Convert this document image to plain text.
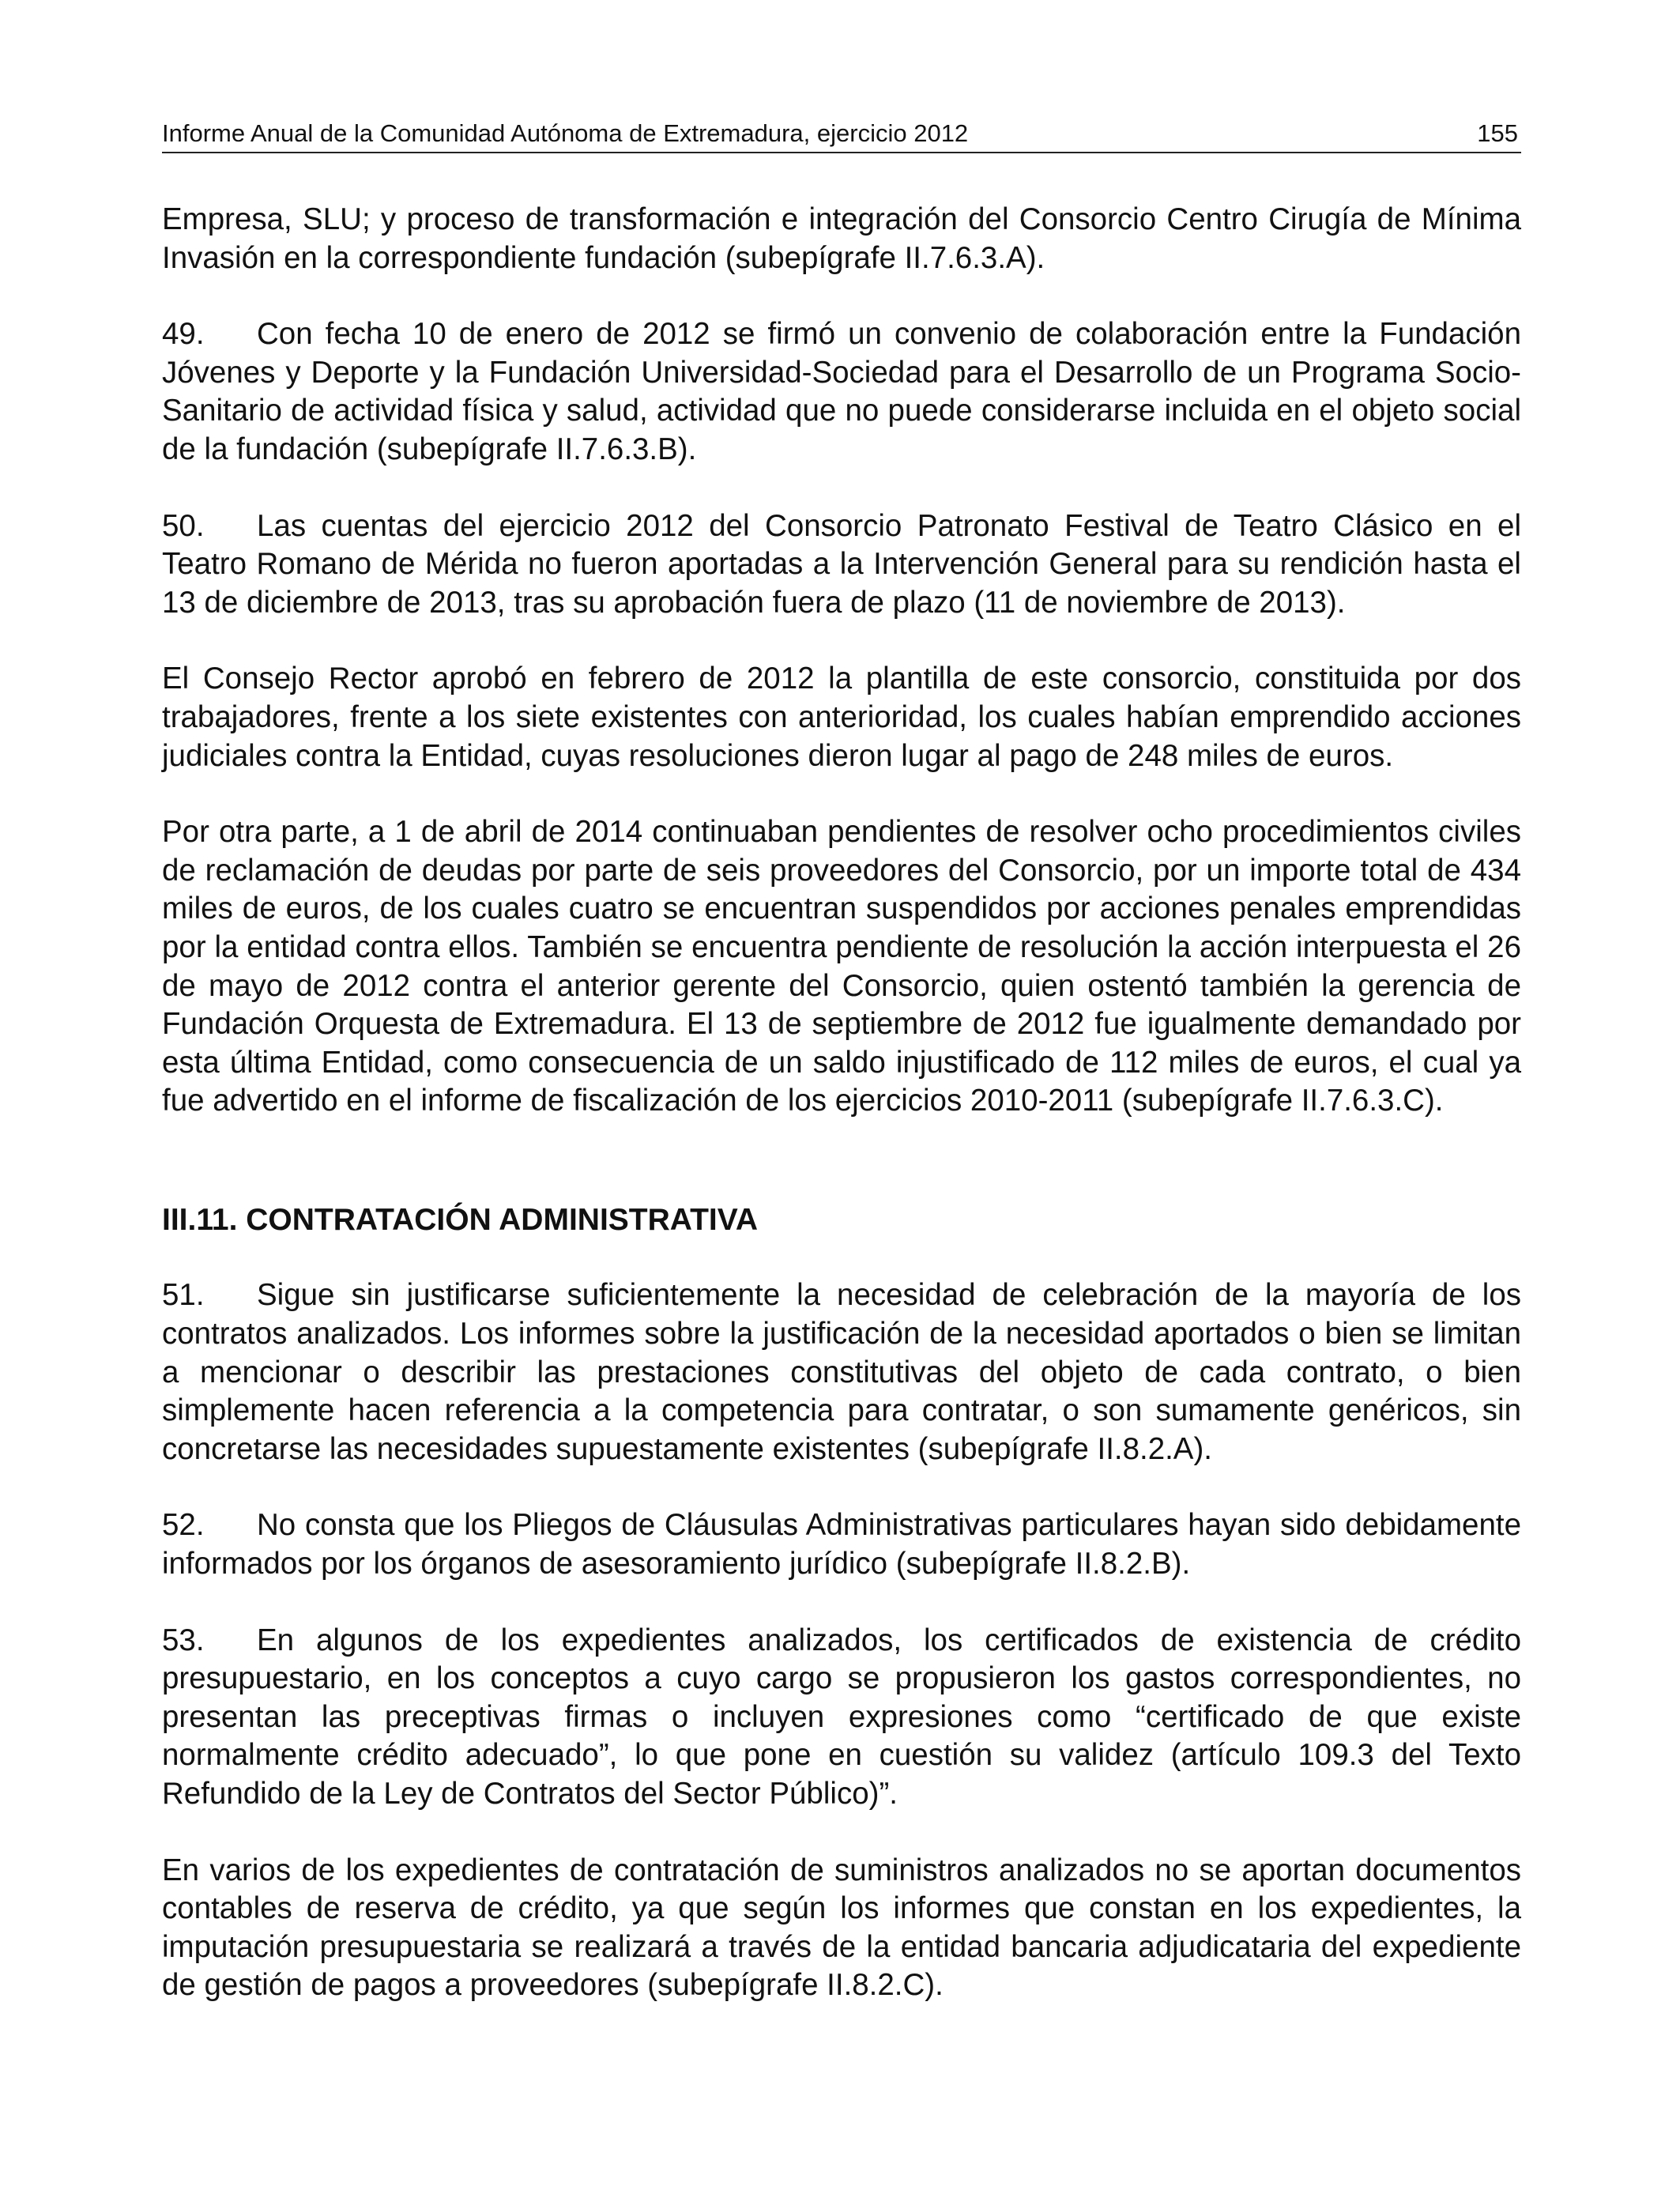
Informe Anual de la Comunidad Autónoma de Extremadura, ejercicio 2012	155

Empresa, SLU; y proceso de transformación e integración del Consorcio Centro Cirugía de Mínima Invasión en la correspondiente fundación (subepígrafe II.7.6.3.A).

49. Con fecha 10 de enero de 2012 se firmó un convenio de colaboración entre la Fundación Jóvenes y Deporte y la Fundación Universidad-Sociedad para el Desarrollo de un Programa Socio-Sanitario de actividad física y salud, actividad que no puede considerarse incluida en el objeto social de la fundación (subepígrafe II.7.6.3.B).

50. Las cuentas del ejercicio 2012 del Consorcio Patronato Festival de Teatro Clásico en el Teatro Romano de Mérida no fueron aportadas a la Intervención General para su rendición hasta el 13 de diciembre de 2013, tras su aprobación fuera de plazo (11 de noviembre de 2013).

El Consejo Rector aprobó en febrero de 2012 la plantilla de este consorcio, constituida por dos trabajadores, frente a los siete existentes con anterioridad, los cuales habían emprendido acciones judiciales contra la Entidad, cuyas resoluciones dieron lugar al pago de 248 miles de euros.

Por otra parte, a 1 de abril de 2014 continuaban pendientes de resolver ocho procedimientos civiles de reclamación de deudas por parte de seis proveedores del Consorcio, por un importe total de 434 miles de euros, de los cuales cuatro se encuentran suspendidos por acciones penales emprendidas por la entidad contra ellos. También se encuentra pendiente de resolución la acción interpuesta el 26 de mayo de 2012 contra el anterior gerente del Consorcio, quien ostentó también la gerencia de Fundación Orquesta de Extremadura. El 13 de septiembre de 2012 fue igualmente demandado por esta última Entidad, como consecuencia de un saldo injustificado de 112 miles de euros, el cual ya fue advertido en el informe de fiscalización de los ejercicios 2010-2011 (subepígrafe II.7.6.3.C).

III.11. CONTRATACIÓN ADMINISTRATIVA

51. Sigue sin justificarse suficientemente la necesidad de celebración de la mayoría de los contratos analizados. Los informes sobre la justificación de la necesidad aportados o bien se limitan a mencionar o describir las prestaciones constitutivas del objeto de cada contrato, o bien simplemente hacen referencia a la competencia para contratar, o son sumamente genéricos, sin concretarse las necesidades supuestamente existentes (subepígrafe II.8.2.A).

52. No consta que los Pliegos de Cláusulas Administrativas particulares hayan sido debidamente informados por los órganos de asesoramiento jurídico (subepígrafe II.8.2.B).

53. En algunos de los expedientes analizados, los certificados de existencia de crédito presupuestario, en los conceptos a cuyo cargo se propusieron los gastos correspondientes, no presentan las preceptivas firmas o incluyen expresiones como “certificado de que existe normalmente crédito adecuado”, lo que pone en cuestión su validez (artículo 109.3 del Texto Refundido de la Ley de Contratos del Sector Público)”.

En varios de los expedientes de contratación de suministros analizados no se aportan documentos contables de reserva de crédito, ya que según los informes que constan en los expedientes, la imputación presupuestaria se realizará a través de la entidad bancaria adjudicataria del expediente de gestión de pagos a proveedores (subepígrafe II.8.2.C).
